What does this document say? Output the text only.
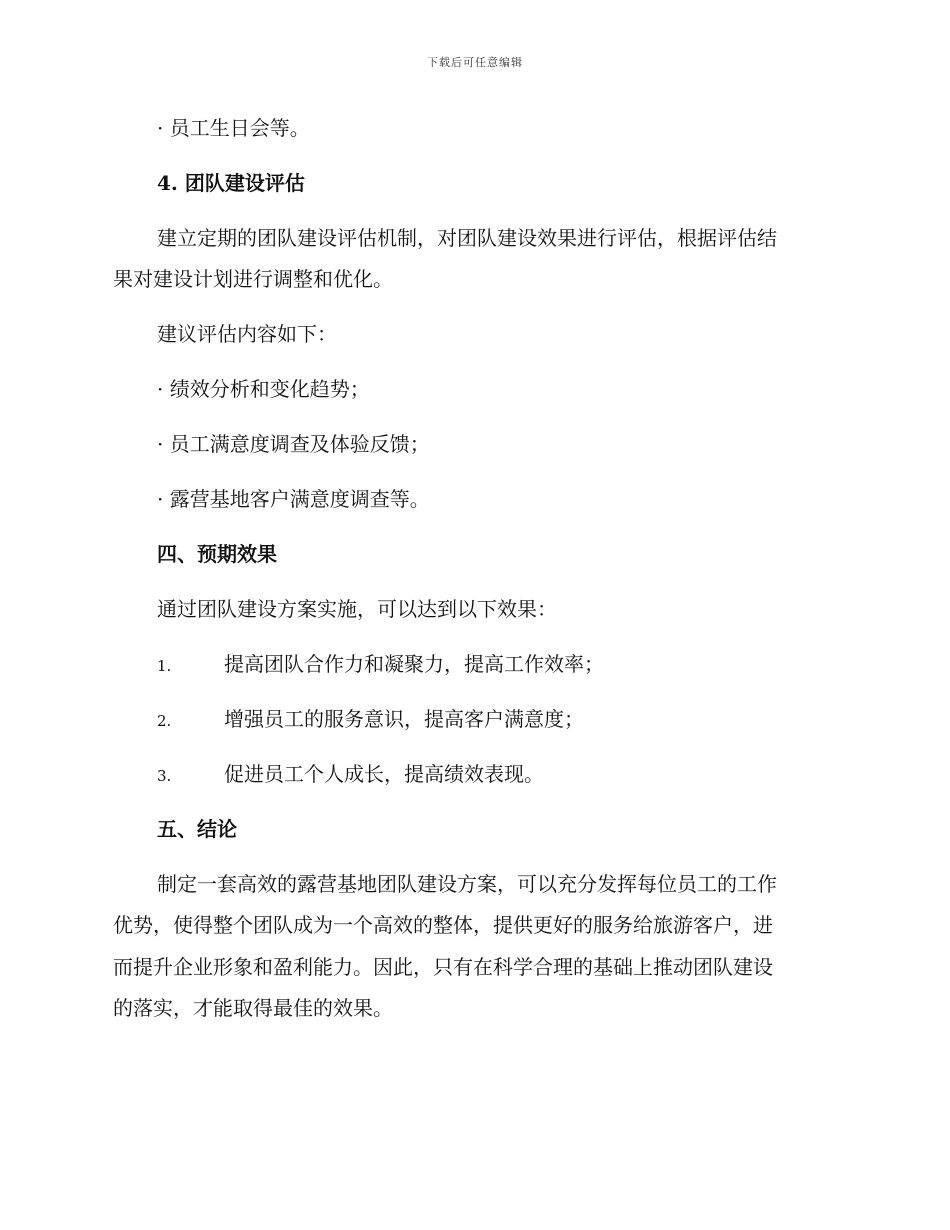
下载后可任意编辑
· 员工生日会等。
4. 团队建设评估
建立定期的团队建设评估机制，对团队建设效果进行评估，根据评估结
果对建设计划进行调整和优化。
建议评估内容如下：
· 绩效分析和变化趋势；
· 员工满意度调查及体验反馈；
· 露营基地客户满意度调查等。
四、预期效果
通过团队建设方案实施，可以达到以下效果：
1.	提高团队合作力和凝聚力，提高工作效率；
2.	增强员工的服务意识，提高客户满意度；
3.	促进员工个人成长，提高绩效表现。
五、结论
制定一套高效的露营基地团队建设方案，可以充分发挥每位员工的工作
优势，使得整个团队成为一个高效的整体，提供更好的服务给旅游客户，进
而提升企业形象和盈利能力。因此，只有在科学合理的基础上推动团队建设
的落实，才能取得最佳的效果。
